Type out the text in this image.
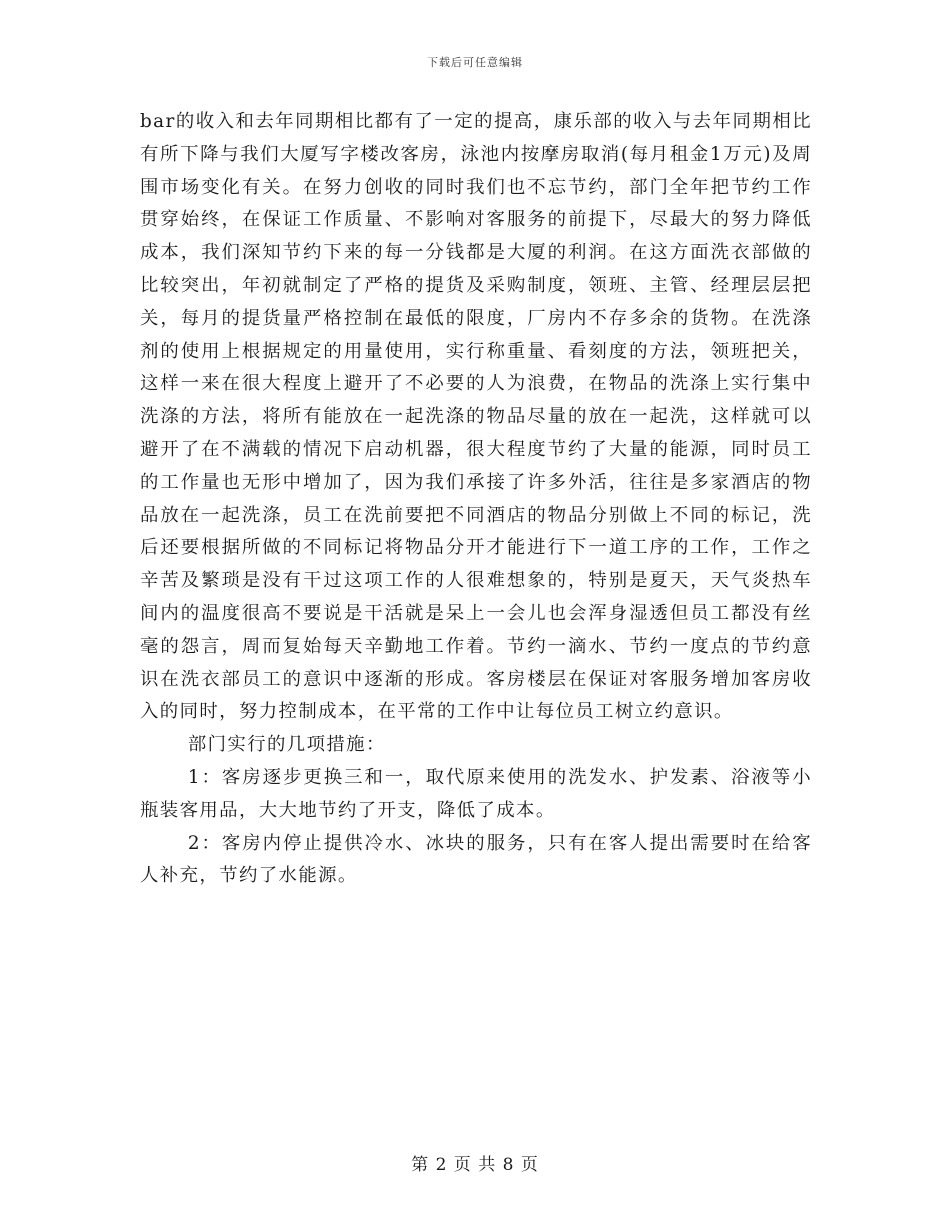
下载后可任意编辑

bar的收入和去年同期相比都有了一定的提高，康乐部的收入与去年同期相比有所下降与我们大厦写字楼改客房，泳池内按摩房取消(每月租金1万元)及周围市场变化有关。在努力创收的同时我们也不忘节约，部门全年把节约工作贯穿始终，在保证工作质量、不影响对客服务的前提下，尽最大的努力降低成本，我们深知节约下来的每一分钱都是大厦的利润。在这方面洗衣部做的比较突出，年初就制定了严格的提货及采购制度，领班、主管、经理层层把关，每月的提货量严格控制在最低的限度，厂房内不存多余的货物。在洗涤剂的使用上根据规定的用量使用，实行称重量、看刻度的方法，领班把关，这样一来在很大程度上避开了不必要的人为浪费，在物品的洗涤上实行集中洗涤的方法，将所有能放在一起洗涤的物品尽量的放在一起洗，这样就可以避开了在不满载的情况下启动机器，很大程度节约了大量的能源，同时员工的工作量也无形中增加了，因为我们承接了许多外活，往往是多家酒店的物品放在一起洗涤，员工在洗前要把不同酒店的物品分别做上不同的标记，洗后还要根据所做的不同标记将物品分开才能进行下一道工序的工作，工作之辛苦及繁琐是没有干过这项工作的人很难想象的，特别是夏天，天气炎热车间内的温度很高不要说是干活就是呆上一会儿也会浑身湿透但员工都没有丝毫的怨言，周而复始每天辛勤地工作着。节约一滴水、节约一度点的节约意识在洗衣部员工的意识中逐渐的形成。客房楼层在保证对客服务增加客房收入的同时，努力控制成本，在平常的工作中让每位员工树立约意识。

部门实行的几项措施：

1：客房逐步更换三和一，取代原来使用的洗发水、护发素、浴液等小瓶装客用品，大大地节约了开支，降低了成本。

2：客房内停止提供冷水、冰块的服务，只有在客人提出需要时在给客人补充，节约了水能源。

第 2 页 共 8 页
